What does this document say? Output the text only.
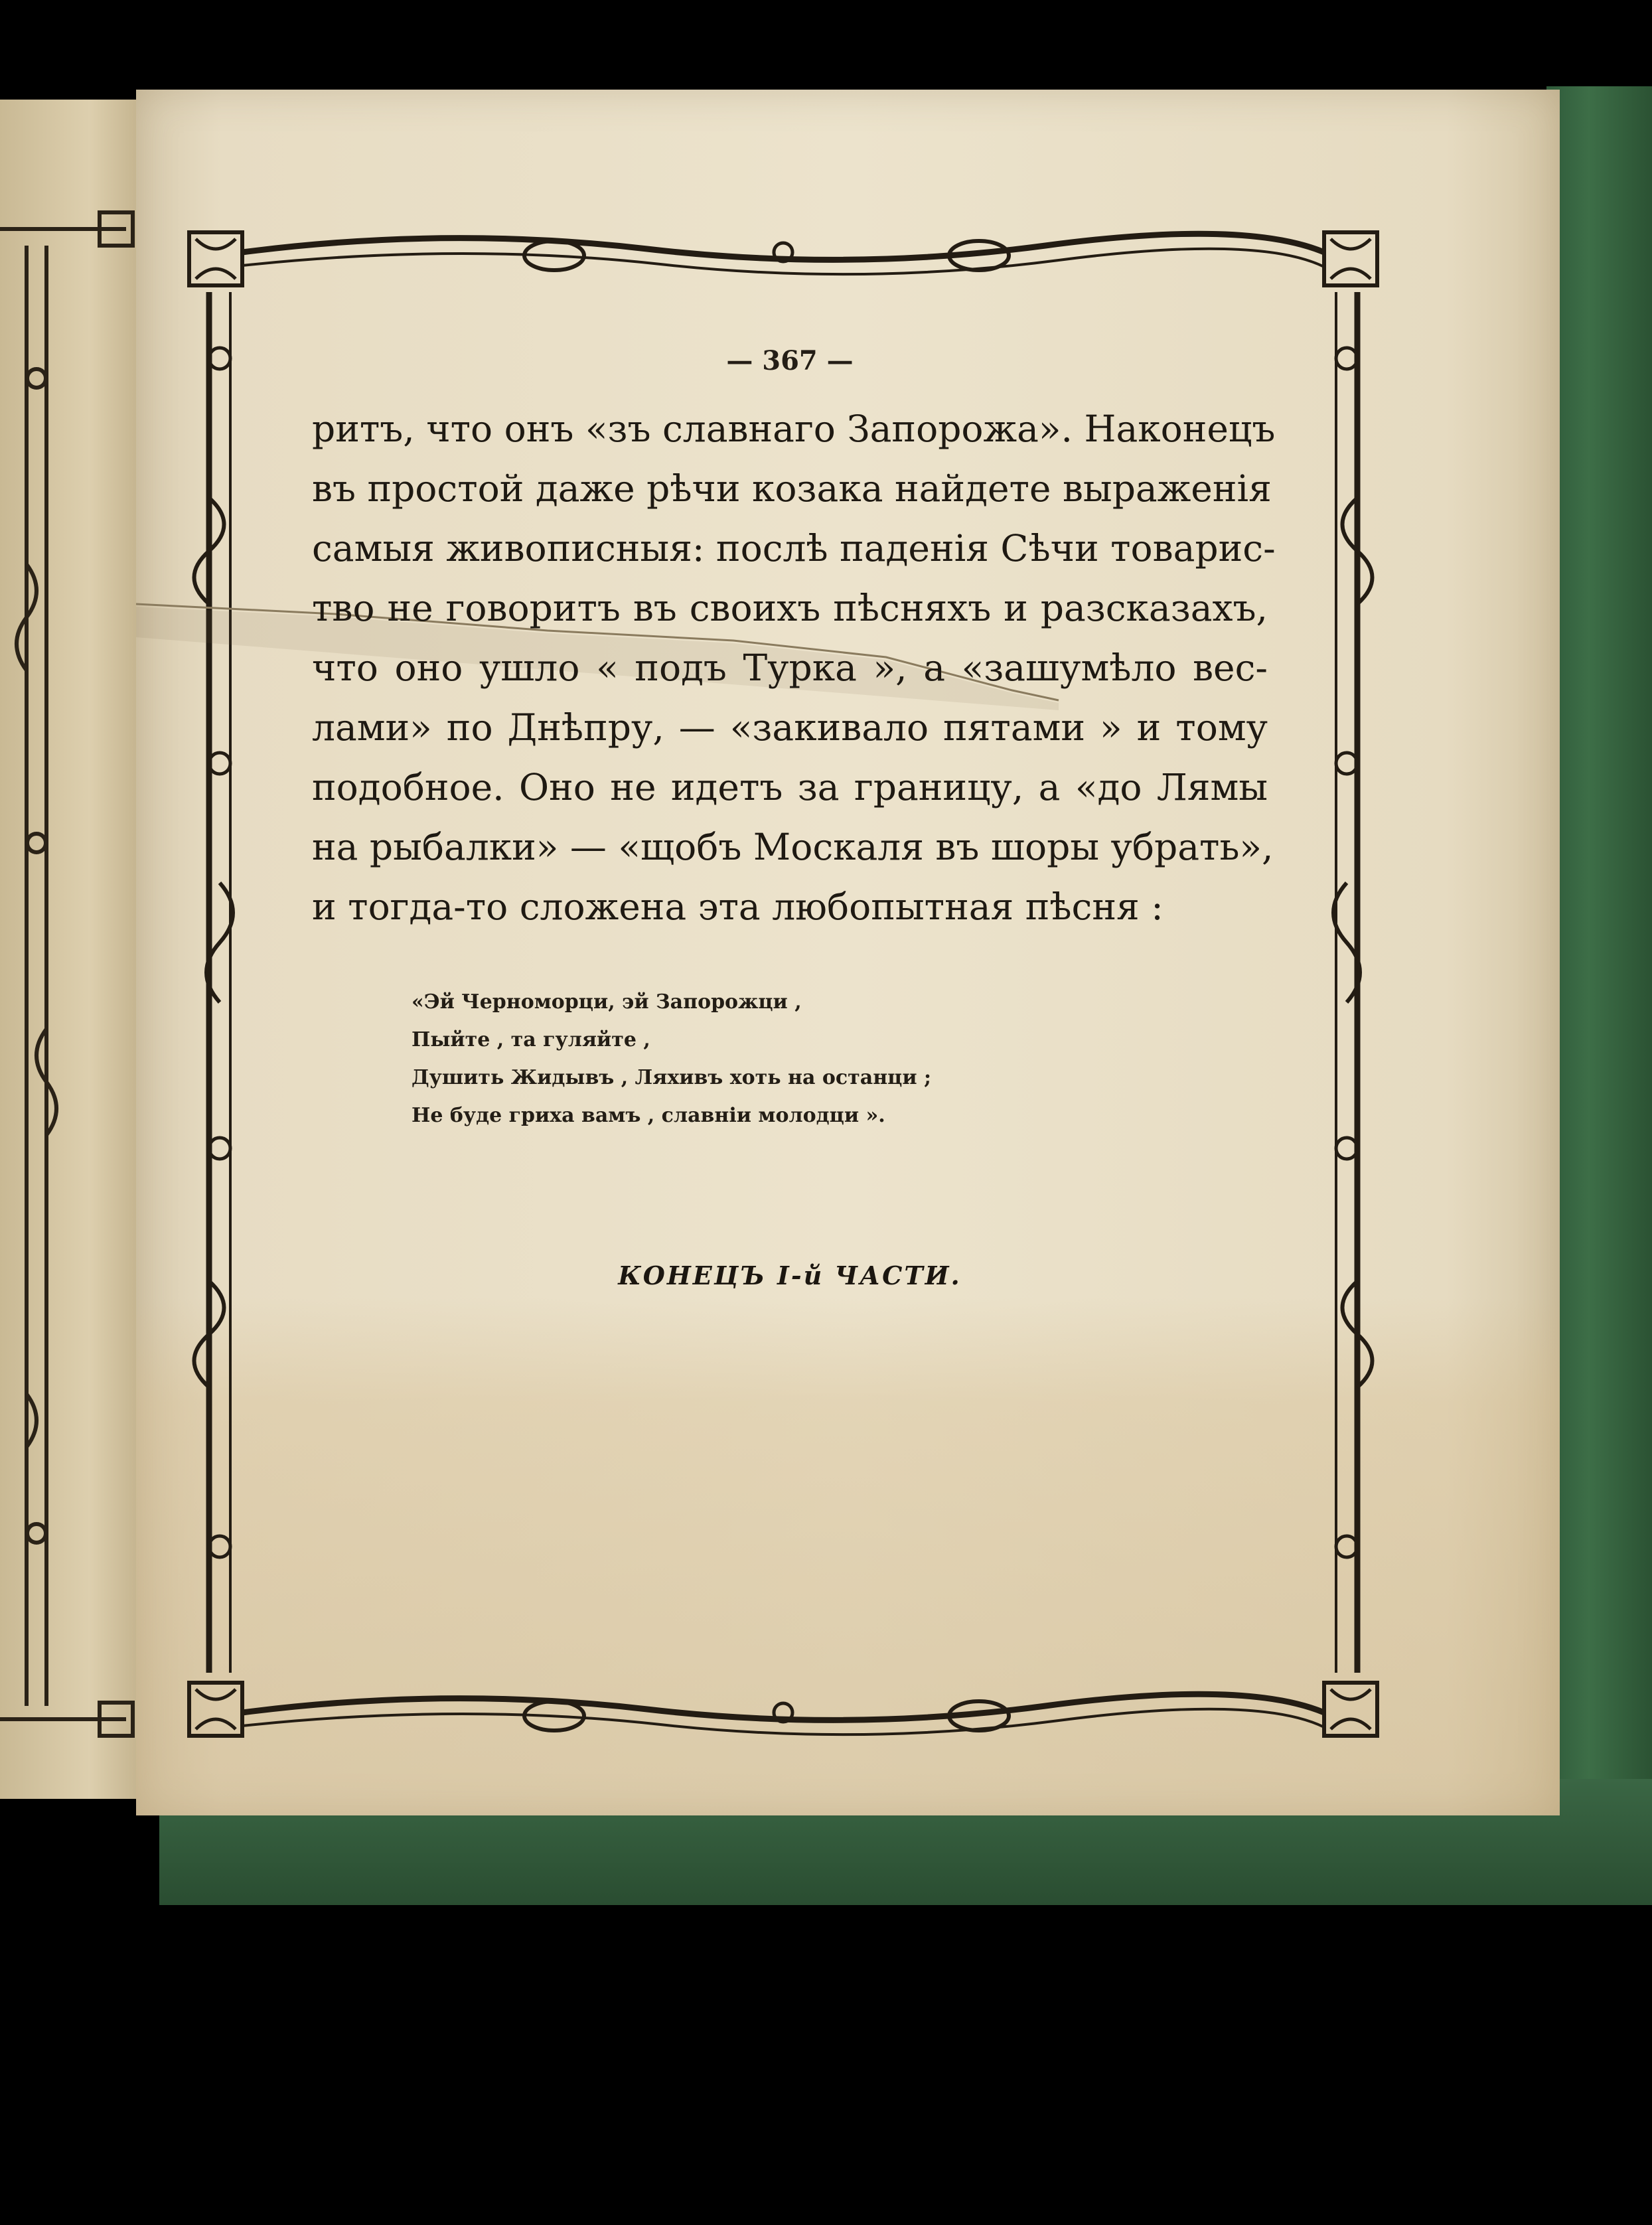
— 367 —

ритъ, что онъ «зъ славнаго Запорожа». Наконецъ

въ простой даже рѣчи козака найдете выраженія

самыя живописныя: послѣ паденія Сѣчи товарис-

тво не говоритъ въ своихъ пѣсняхъ и разсказахъ,

что оно ушло « подъ Турка », а «зашумѣло вес-

лами» по Днѣпру, — «закивало пятами » и тому

подобное. Оно не идетъ за границу, а «до Лямы

на рыбалки» — «щобъ Москаля въ шоры убрать»,

и тогда-то сложена эта любопытная пѣсня :

«Эй Черноморци, эй Запорожци ,

Пыйте , та гуляйте ,

Душить Жидывъ , Ляхивъ хоть на останци ;

Не буде гриха вамъ , славніи молодци ».

КОНЕЦЪ I-й ЧАСТИ.
